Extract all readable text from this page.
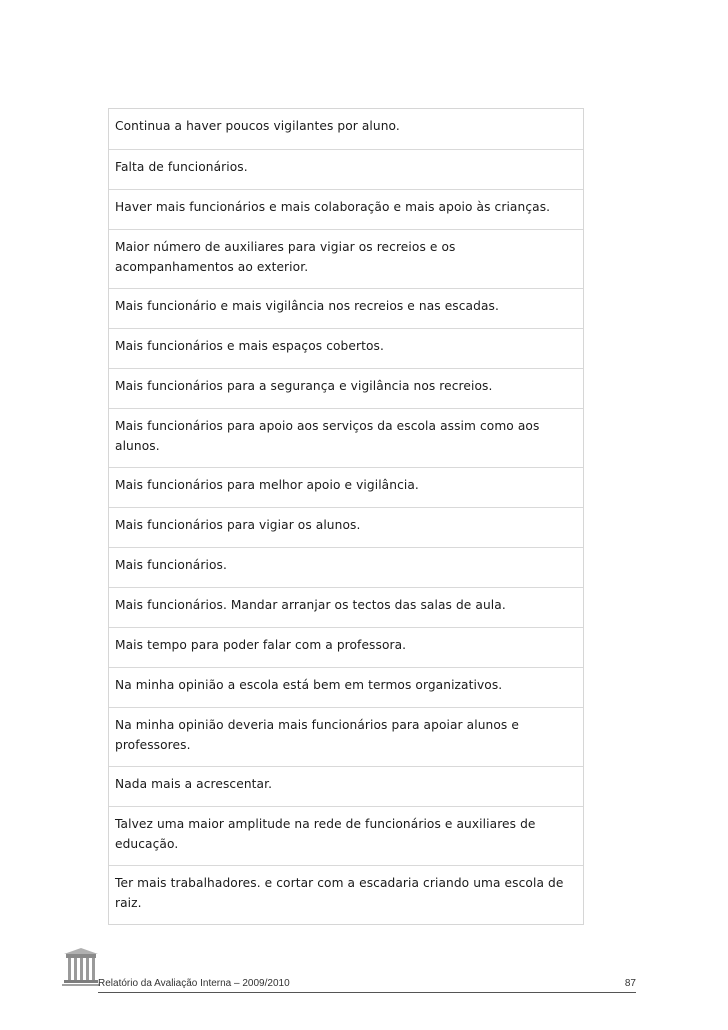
Continua a haver poucos vigilantes por aluno.
Falta de funcionários.
Haver mais funcionários e mais colaboração e mais apoio às crianças.
Maior número de auxiliares para vigiar os recreios e os acompanhamentos ao exterior.
Mais funcionário e mais vigilância nos recreios e nas escadas.
Mais funcionários e mais espaços cobertos.
Mais funcionários para a segurança e vigilância nos recreios.
Mais funcionários para apoio aos serviços da escola assim como aos alunos.
Mais funcionários para melhor apoio e vigilância.
Mais funcionários para vigiar os alunos.
Mais funcionários.
Mais funcionários. Mandar arranjar os tectos das salas de aula.
Mais tempo para poder falar com a professora.
Na minha opinião a escola está bem em termos organizativos.
Na minha opinião deveria mais funcionários para apoiar alunos e professores.
Nada mais a acrescentar.
Talvez uma maior amplitude na rede de funcionários e auxiliares de educação.
Ter mais trabalhadores. e cortar com a escadaria criando uma escola de raiz.
Relatório da Avaliação Interna – 2009/2010	87
